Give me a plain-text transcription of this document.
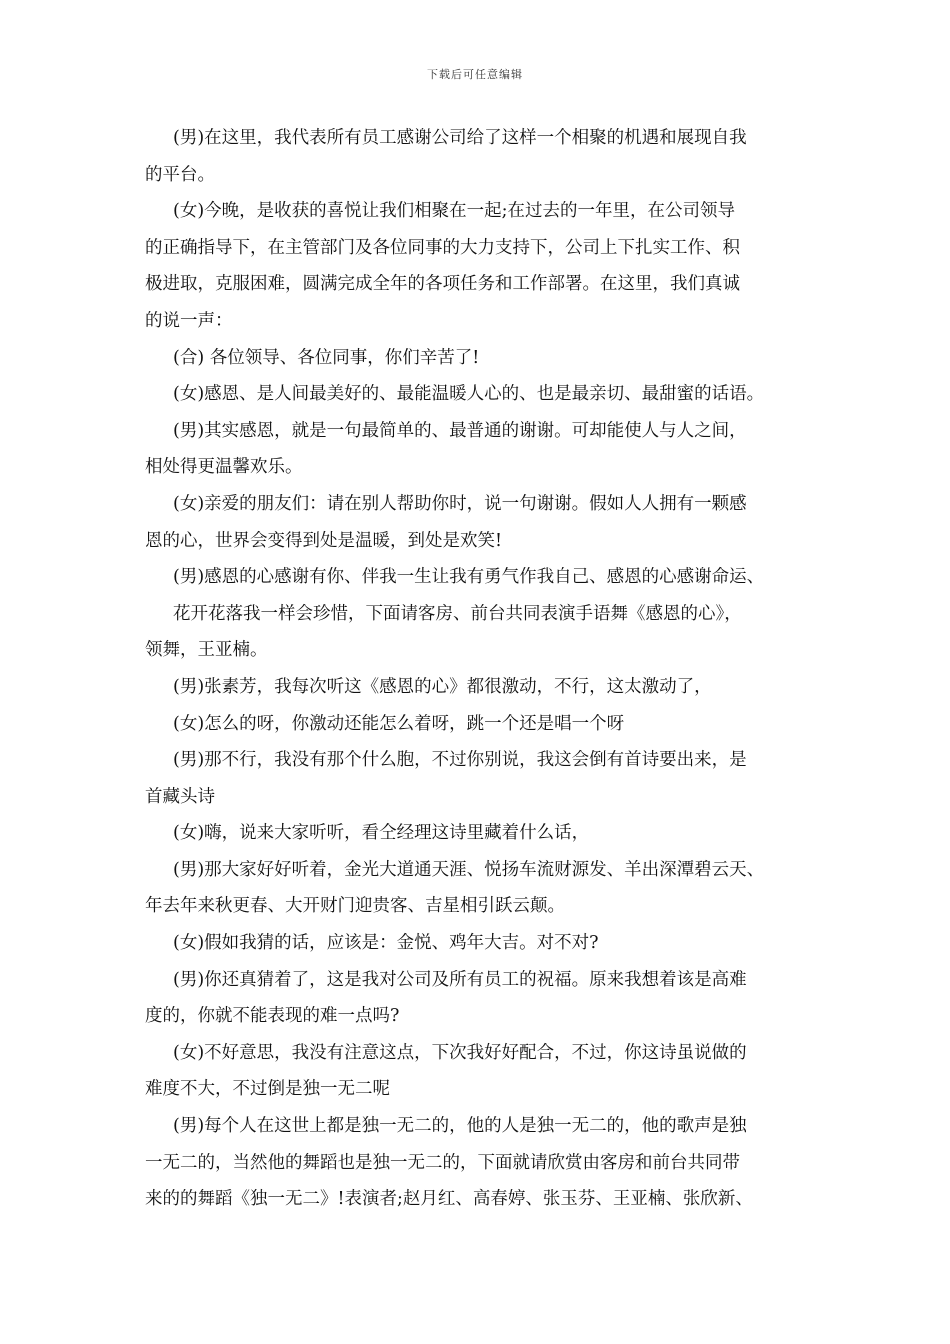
下载后可任意编辑
(男)在这里，我代表所有员工感谢公司给了这样一个相聚的机遇和展现自我
的平台。
(女)今晚，是收获的喜悦让我们相聚在一起;在过去的一年里，在公司领导
的正确指导下，在主管部门及各位同事的大力支持下，公司上下扎实工作、积
极进取，克服困难，圆满完成全年的各项任务和工作部署。在这里，我们真诚
的说一声：
(合) 各位领导、各位同事，你们辛苦了!
(女)感恩、是人间最美好的、最能温暖人心的、也是最亲切、最甜蜜的话语。
(男)其实感恩，就是一句最简单的、最普通的谢谢。可却能使人与人之间，
相处得更温馨欢乐。
(女)亲爱的朋友们：请在别人帮助你时，说一句谢谢。假如人人拥有一颗感
恩的心，世界会变得到处是温暖，到处是欢笑!
(男)感恩的心感谢有你、伴我一生让我有勇气作我自己、感恩的心感谢命运、
花开花落我一样会珍惜，下面请客房、前台共同表演手语舞《感恩的心》，
领舞，王亚楠。
(男)张素芳，我每次听这《感恩的心》都很激动，不行，这太激动了，
(女)怎么的呀，你激动还能怎么着呀，跳一个还是唱一个呀
(男)那不行，我没有那个什么胞，不过你别说，我这会倒有首诗要出来，是
首藏头诗
(女)嗨，说来大家听听，看仝经理这诗里藏着什么话，
(男)那大家好好听着，金光大道通天涯、悦扬车流财源发、羊出深潭碧云天、
年去年来秋更春、大开财门迎贵客、吉星相引跃云颠。
(女)假如我猜的话，应该是：金悦、鸡年大吉。对不对?
(男)你还真猜着了，这是我对公司及所有员工的祝福。原来我想着该是高难
度的，你就不能表现的难一点吗?
(女)不好意思，我没有注意这点，下次我好好配合，不过，你这诗虽说做的
难度不大，不过倒是独一无二呢
(男)每个人在这世上都是独一无二的，他的人是独一无二的，他的歌声是独
一无二的，当然他的舞蹈也是独一无二的，下面就请欣赏由客房和前台共同带
来的的舞蹈《独一无二》!表演者;赵月红、高春婷、张玉芬、王亚楠、张欣新、
